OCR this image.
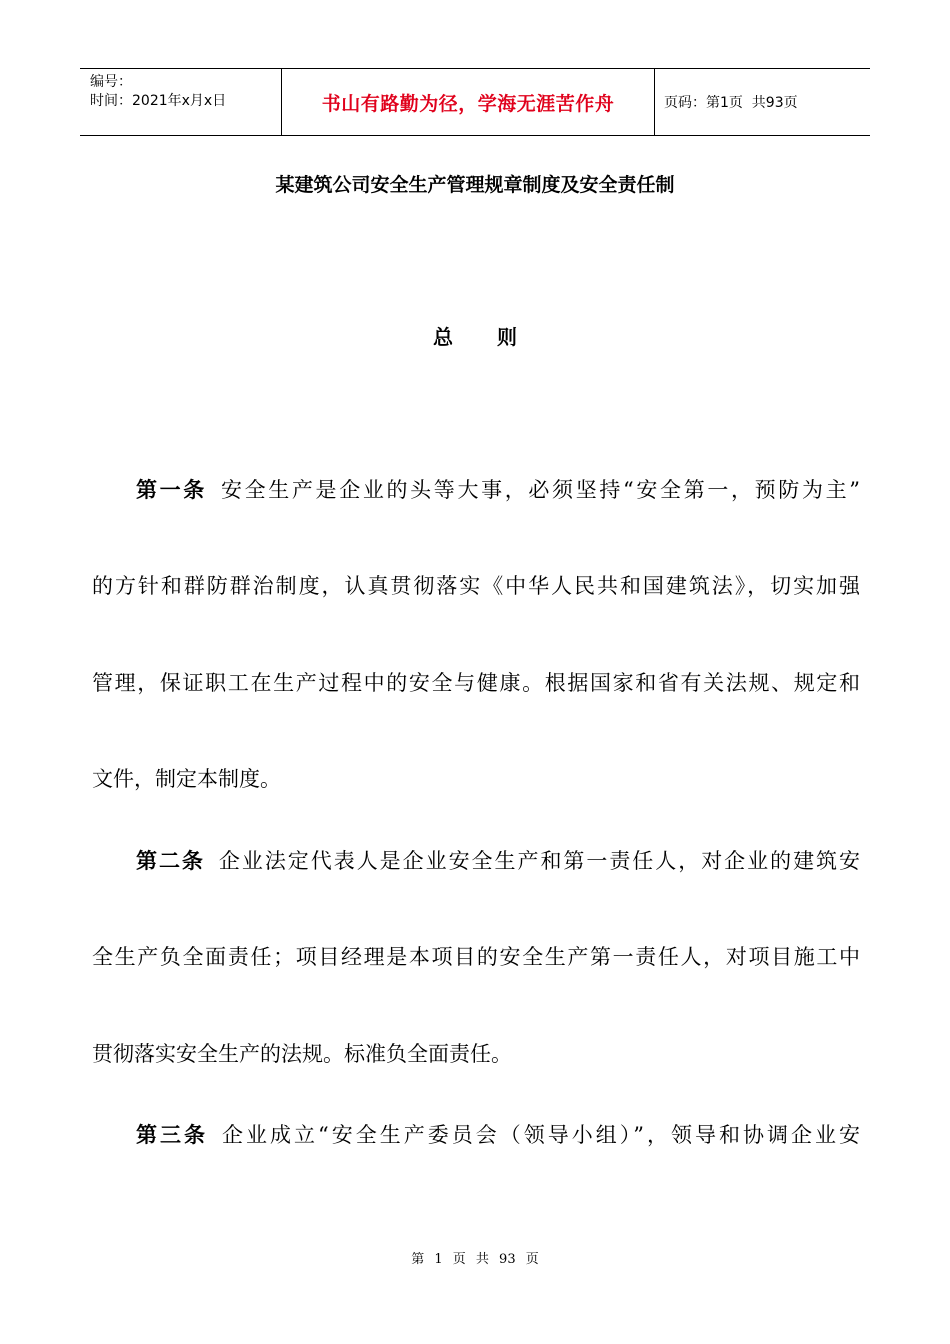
编号：
时间：2021年x月x日	书山有路勤为径，学海无涯苦作舟	页码：第1页  共93页
某建筑公司安全生产管理规章制度及安全责任制
总则
第一条 安全生产是企业的头等大事，必须坚持“安全第一，预防为主”
的方针和群防群治制度，认真贯彻落实《中华人民共和国建筑法》，切实加强
管理，保证职工在生产过程中的安全与健康。根据国家和省有关法规、规定和
文件，制定本制度。
第二条 企业法定代表人是企业安全生产和第一责任人，对企业的建筑安
全生产负全面责任；项目经理是本项目的安全生产第一责任人，对项目施工中
贯彻落实安全生产的法规。标准负全面责任。
第三条 企业成立“安全生产委员会（领导小组）”，领导和协调企业安
第 1 页 共 93 页
